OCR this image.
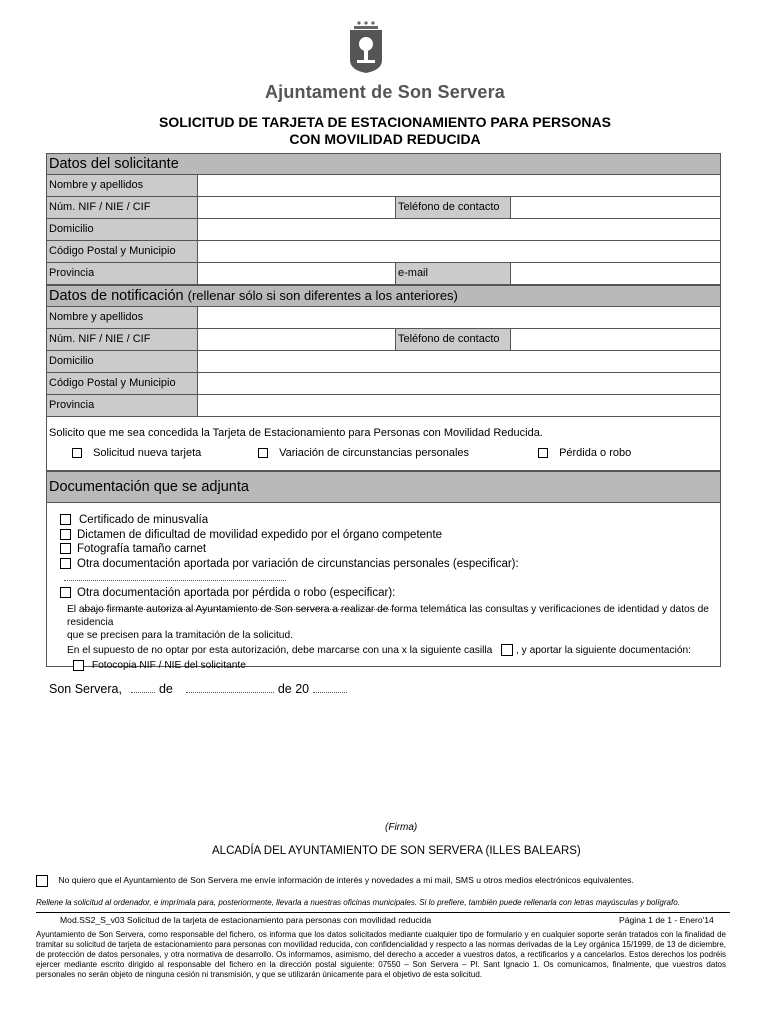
Ajuntament de Son Servera
SOLICITUD DE TARJETA DE ESTACIONAMIENTO PARA PERSONAS
CON MOVILIDAD REDUCIDA
Datos del solicitante
Nombre y apellidos
Núm. NIF / NIE / CIF	Teléfono de contacto
Domicilio
Código Postal y Municipio
Provincia	e-mail
Datos de notificación (rellenar sólo si son diferentes a los anteriores)
Nombre y apellidos
Núm. NIF / NIE / CIF	Teléfono de contacto
Domicilio
Código Postal y Municipio
Provincia
Solicito que me sea concedida la Tarjeta de Estacionamiento para Personas con Movilidad Reducida.
Solicitud nueva tarjeta	Variación de circunstancias personales	Pérdida o robo
Documentación que se adjunta
Certificado de minusvalía
Dictamen de dificultad de movilidad expedido por el órgano competente
Fotografía tamaño carnet
Otra documentación aportada por variación de circunstancias personales (especificar):
Otra documentación aportada por pérdida o robo (especificar):
El abajo firmante autoriza al Ayuntamiento de Son servera a realizar de forma telemática las consultas y verificaciones de identidad y datos de residencia
que se precisen para la tramitación de la solicitud.
En el supuesto de no optar por esta autorización, debe marcarse con una x la siguiente casilla , y aportar la siguiente documentación:
Fotocopia NIF / NIE del solicitante
Son Servera,	de	de 20
(Firma)
ALCADÍA DEL AYUNTAMIENTO DE SON SERVERA (ILLES BALEARS)
No quiero que el Ayuntamiento de Son Servera me envíe información de interés y novedades a mi mail, SMS u otros medios electrónicos equivalentes.
Rellene la solicitud al ordenador, e imprímala para, posteriormente, llevarla a nuestras oficinas municipales. Si lo prefiere, también puede rellenarla con letras mayúsculas y bolígrafo.
Mod.SS2_S_v03 Solicitud de la tarjeta de estacionamiento para personas con movilidad reducida	Página 1 de 1 - Enero'14
Ayuntamiento de Son Servera, como responsable del fichero, os informa que los datos solicitados mediante cualquier tipo de formulario y en cualquier soporte serán tratados con la finalidad de tramitar su solicitud de tarjeta de estacionamiento para personas con movilidad reducida, con confidencialidad y respecto a las normas derivadas de la Ley orgánica 15/1999, de 13 de diciembre, de protección de datos personales, y otra normativa de desarrollo. Os informamos, asimismo, del derecho a acceder a vuestros datos, a rectificarlos y a cancelarlos. Estos derechos los podréis ejercer mediante escrito dirigido al responsable del fichero en la dirección postal siguiente: 07550 – Son Servera – Pl. Sant Ignacio 1. Os comunicamos, finalmente, que vuestros datos personales no serán objeto de ninguna cesión ni transmisión, y que se utilizarán únicamente para el objetivo de esta solicitud.
